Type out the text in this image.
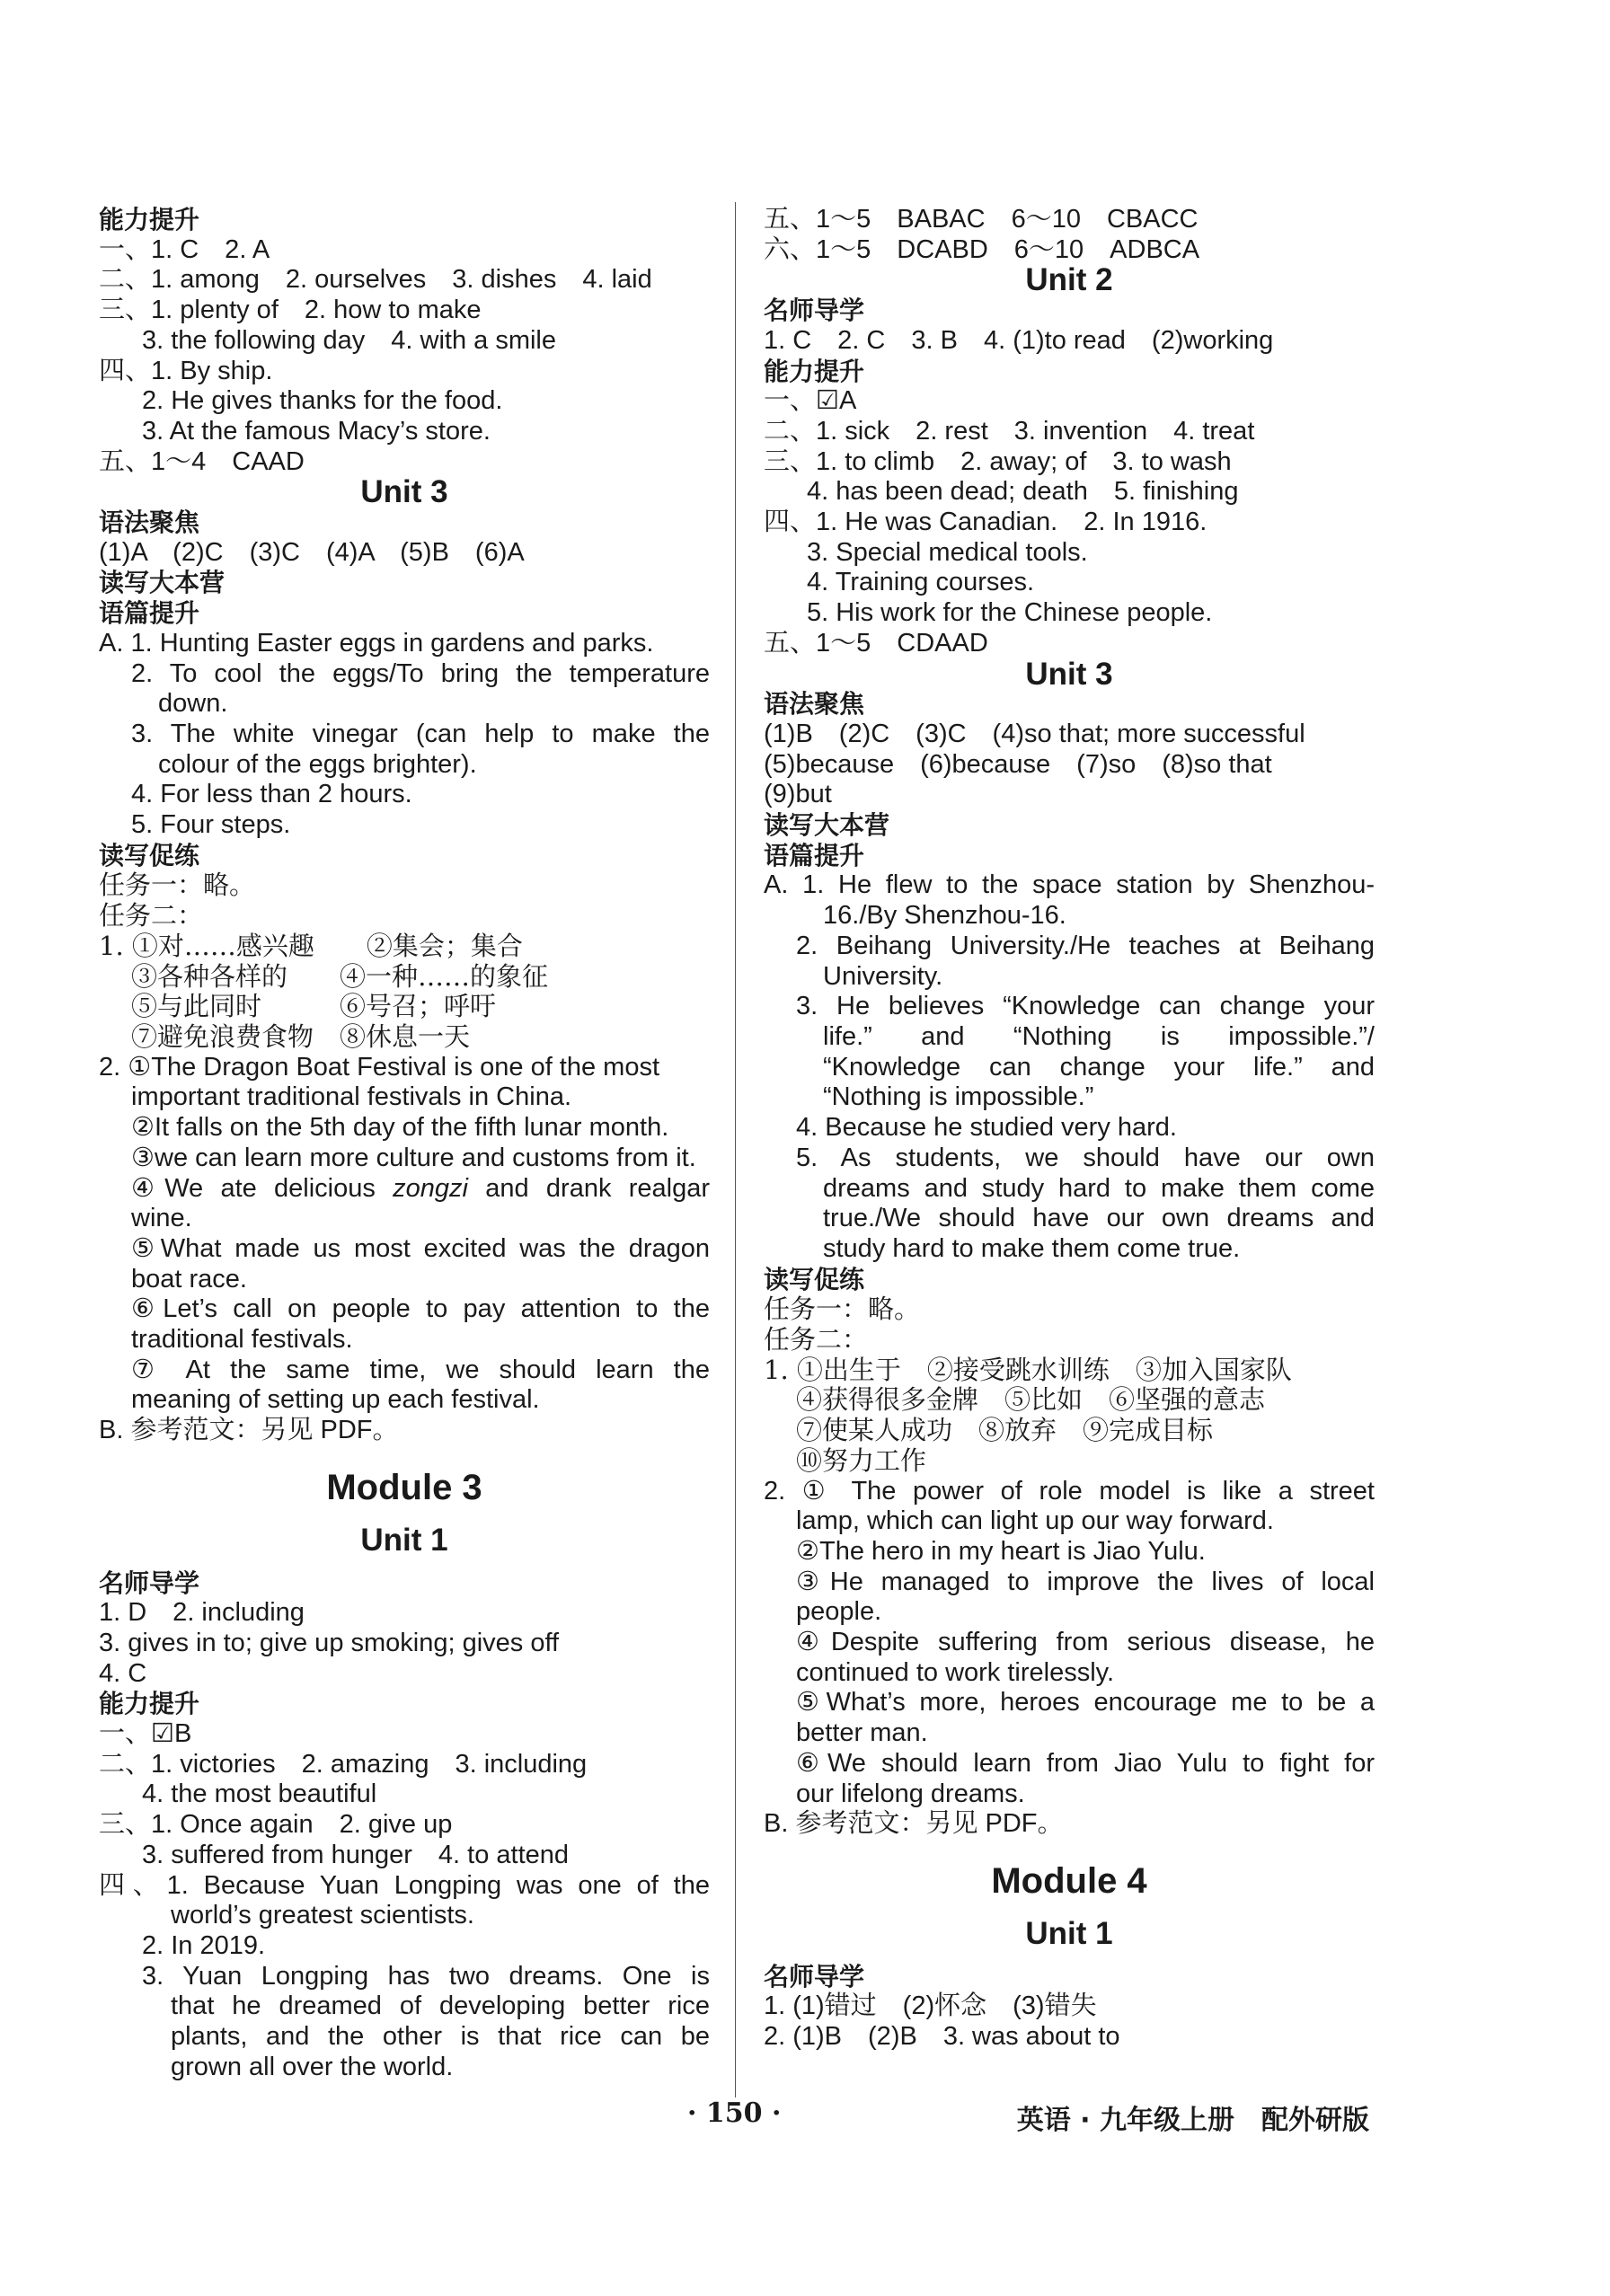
能力提升
一、1. C　2. A
二、1. among　2. ourselves　3. dishes　4. laid
三、1. plenty of　2. how to make
3. the following day　4. with a smile
四、1. By ship.
2. He gives thanks for the food.
3. At the famous Macy’s store.
五、1～4　CAAD
Unit 3
语法聚焦
(1)A　(2)C　(3)C　(4)A　(5)B　(6)A
读写大本营
语篇提升
A. 1. Hunting Easter eggs in gardens and parks.
2. To cool the eggs/To bring the temperature
down.
3. The white vinegar (can help to make the
colour of the eggs brighter).
4. For less than 2 hours.
5. Four steps.
读写促练
任务一：略。
任务二：
1. ①对……感兴趣　　②集会；集合
③各种各样的　　④一种……的象征
⑤与此同时　　　⑥号召；呼吁
⑦避免浪费食物　⑧休息一天
2. ①The Dragon Boat Festival is one of the most
important traditional festivals in China.
②It falls on the 5th day of the fifth lunar month.
③we can learn more culture and customs from it.
④We ate delicious zongzi and drank realgar
wine.
⑤What made us most excited was the dragon
boat race.
⑥Let’s call on people to pay attention to the
traditional festivals.
⑦ At the same time, we should learn the
meaning of setting up each festival.
B. 参考范文：另见 PDF。
Module 3
Unit 1
名师导学
1. D　2. including
3. gives in to; give up smoking; gives off
4. C
能力提升
一、☑B
二、1. victories　2. amazing　3. including
4. the most beautiful
三、1. Once again　2. give up
3. suffered from hunger　4. to attend
四、1. Because Yuan Longping was one of the
world’s greatest scientists.
2. In 2019.
3. Yuan Longping has two dreams. One is
that he dreamed of developing better rice
plants, and the other is that rice can be
grown all over the world.
五、1～5　BABAC　6～10　CBACC
六、1～5　DCABD　6～10　ADBCA
Unit 2
名师导学
1. C　2. C　3. B　4. (1)to read　(2)working
能力提升
一、☑A
二、1. sick　2. rest　3. invention　4. treat
三、1. to climb　2. away; of　3. to wash
4. has been dead; death　5. finishing
四、1. He was Canadian.　2. In 1916.
3. Special medical tools.
4. Training courses.
5. His work for the Chinese people.
五、1～5　CDAAD
Unit 3
语法聚焦
(1)B　(2)C　(3)C　(4)so that; more successful
(5)because　(6)because　(7)so　(8)so that
(9)but
读写大本营
语篇提升
A. 1. He flew to the space station by Shenzhou-
16./By Shenzhou-16.
2. Beihang University./He teaches at Beihang
University.
3. He believes “Knowledge can change your
life.” and “Nothing is impossible.”/
“Knowledge can change your life.” and
“Nothing is impossible.”
4. Because he studied very hard.
5. As students, we should have our own
dreams and study hard to make them come
true./We should have our own dreams and
study hard to make them come true.
读写促练
任务一：略。
任务二：
1. ①出生于　②接受跳水训练　③加入国家队
④获得很多金牌　⑤比如　⑥坚强的意志
⑦使某人成功　⑧放弃　⑨完成目标
⑩努力工作
2. ① The power of role model is like a street
lamp, which can light up our way forward.
②The hero in my heart is Jiao Yulu.
③He managed to improve the lives of local
people.
④Despite suffering from serious disease, he
continued to work tirelessly.
⑤What’s more, heroes encourage me to be a
better man.
⑥We should learn from Jiao Yulu to fight for
our lifelong dreams.
B. 参考范文：另见 PDF。
Module 4
Unit 1
名师导学
1. (1)错过　(2)怀念　(3)错失
2. (1)B　(2)B　3. was about to
· 150 ·	英语 · 九年级上册　配外研版
